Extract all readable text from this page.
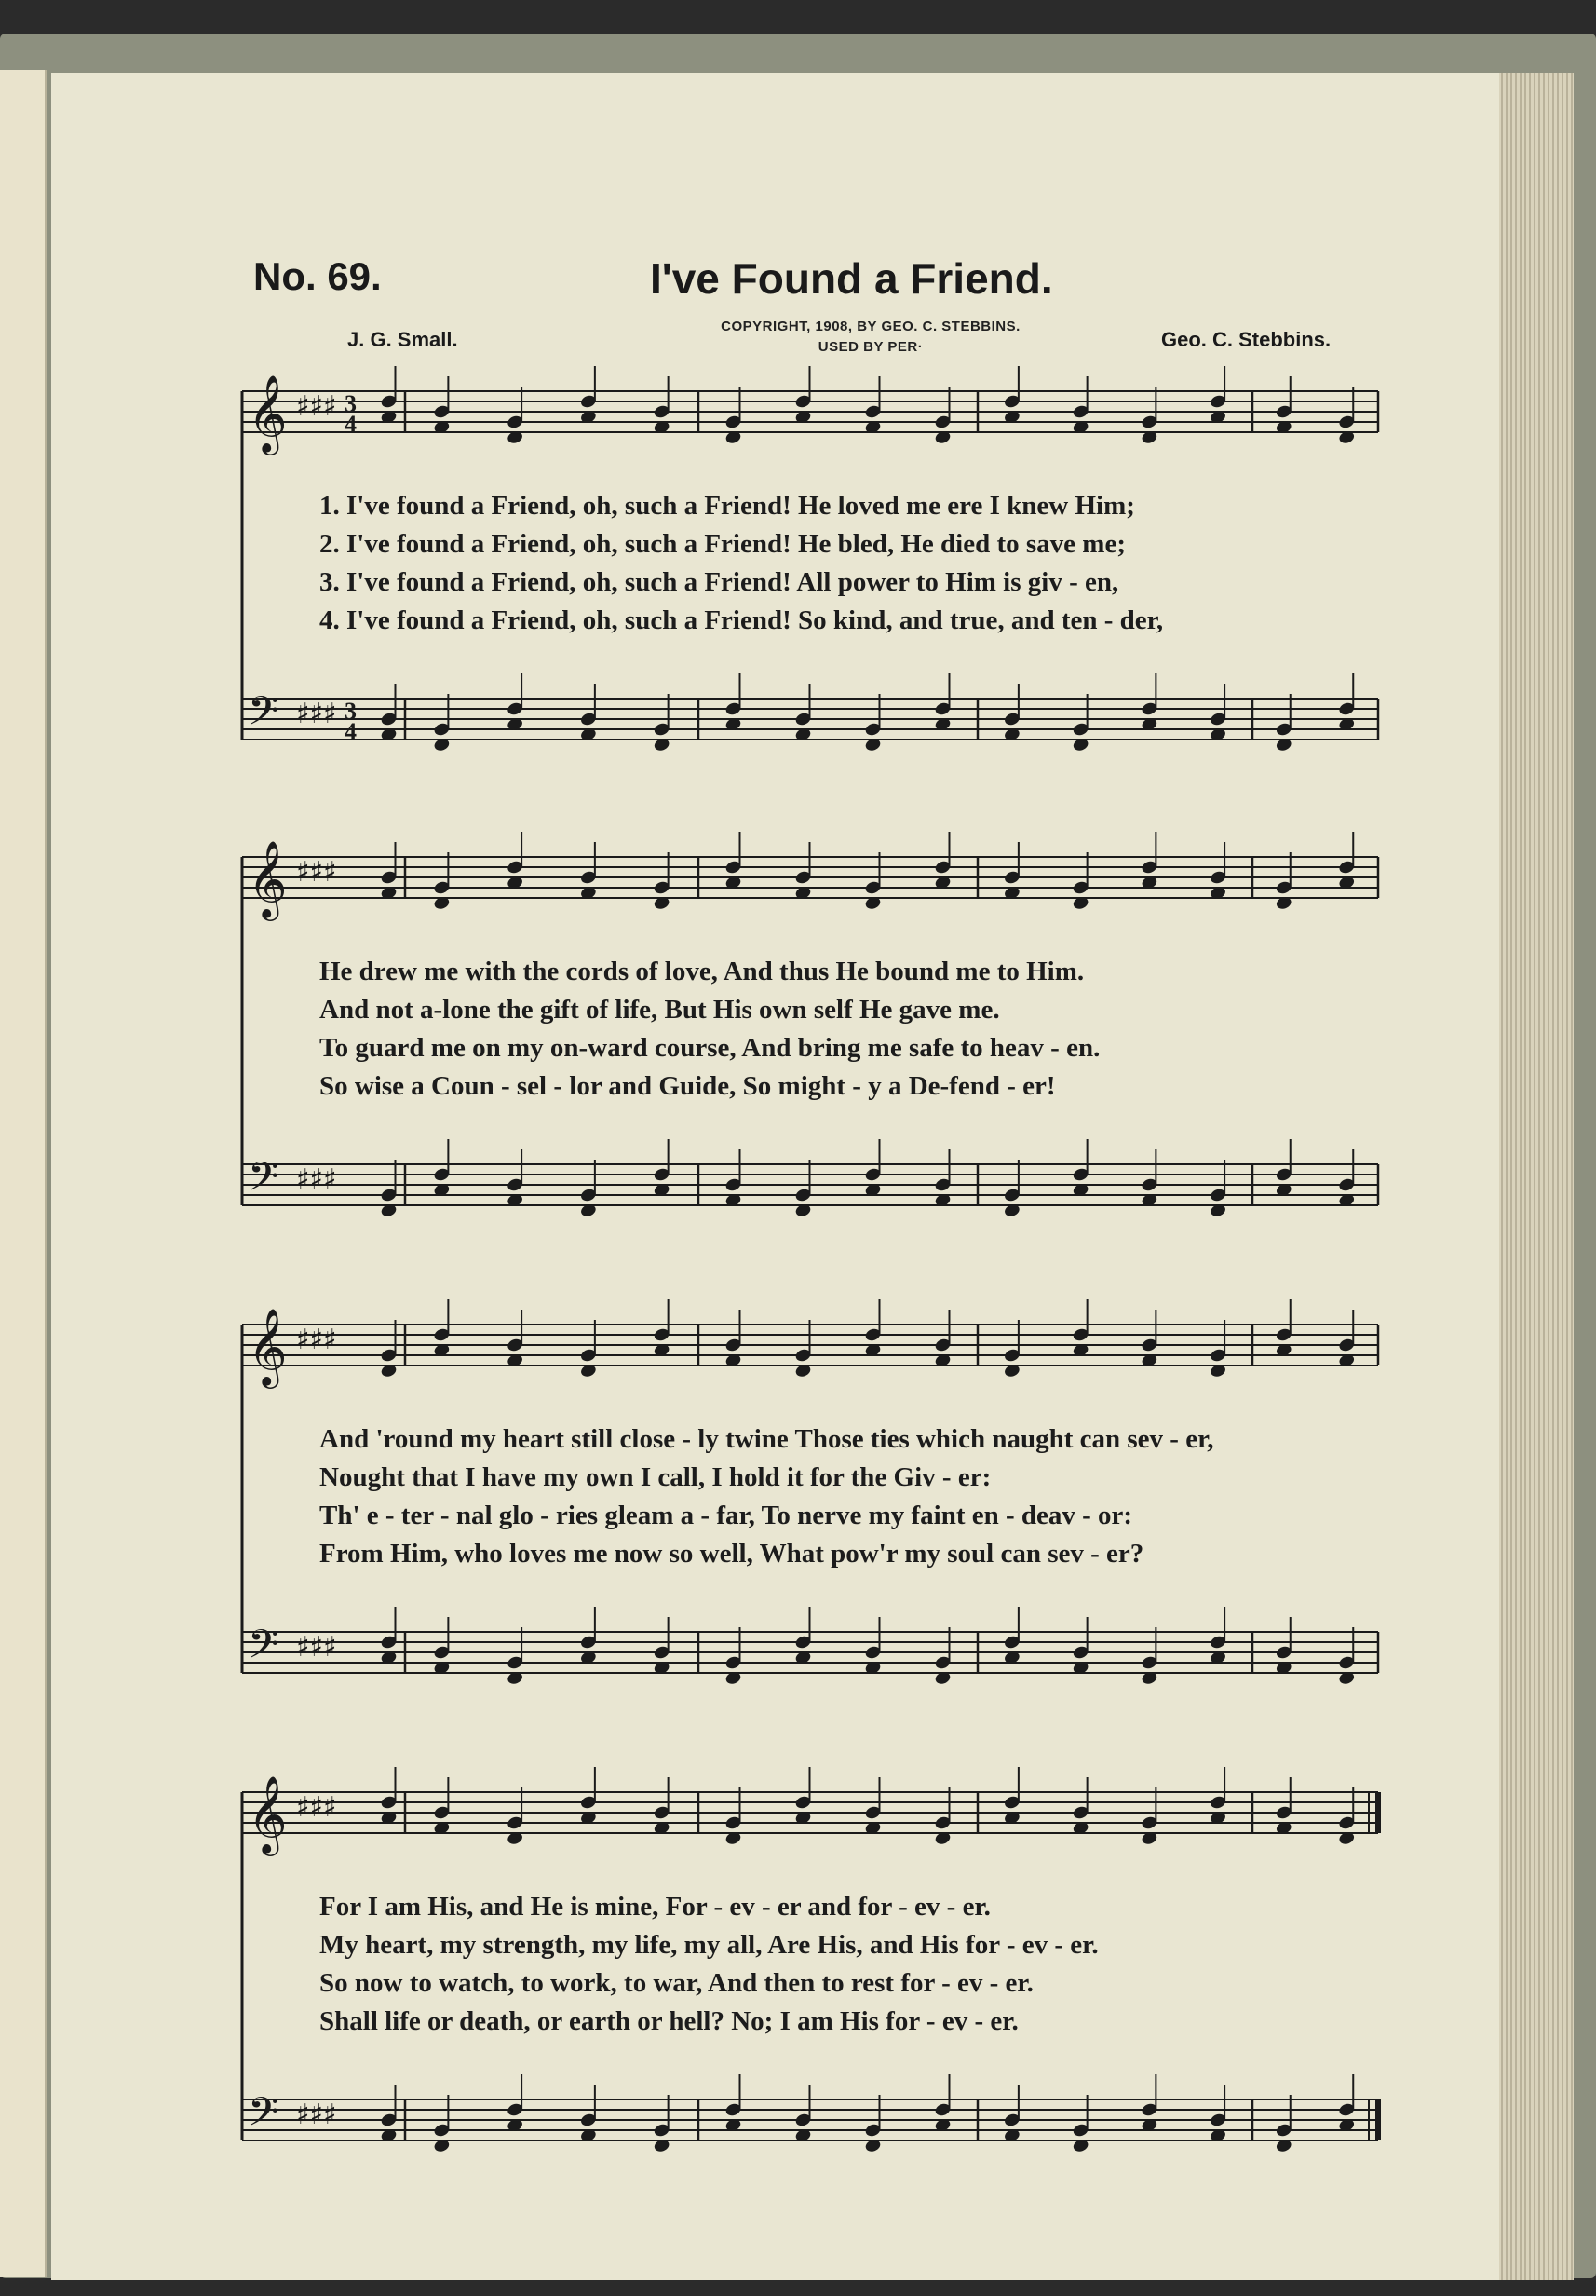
No. 69.	I've Found a Friend.
COPYRIGHT, 1908, BY GEO. C. STEBBINS.
USED BY PER·
J. G. Small.	Geo. C. Stebbins.
𝄞 ♯♯♯ 3
4
𝄢 ♯♯♯ 3
4
1. I've found a Friend, oh, such a Friend! He loved me ere I knew Him;
2. I've found a Friend, oh, such a Friend! He bled, He died to save me;
3. I've found a Friend, oh, such a Friend! All power to Him is giv - en,
4. I've found a Friend, oh, such a Friend! So kind, and true, and ten - der,
𝄞 ♯♯♯
𝄢 ♯♯♯
He drew me with the cords of love, And thus He bound me to Him.
And not a-lone the gift of life, But His own self He gave me.
To guard me on my on-ward course, And bring me safe to heav - en.
So wise a Coun - sel - lor and Guide, So might - y a De-fend - er!
𝄞 ♯♯♯
𝄢 ♯♯♯
And 'round my heart still close - ly twine Those ties which naught can sev - er,
Nought that I have my own I call, I hold it for the Giv - er:
Th' e - ter - nal glo - ries gleam a - far, To nerve my faint en - deav - or:
From Him, who loves me now so well, What pow'r my soul can sev - er?
𝄞 ♯♯♯
𝄢 ♯♯♯
For I am His, and He is mine, For - ev - er and for - ev - er.
My heart, my strength, my life, my all, Are His, and His for - ev - er.
So now to watch, to work, to war, And then to rest for - ev - er.
Shall life or death, or earth or hell? No; I am His for - ev - er.
